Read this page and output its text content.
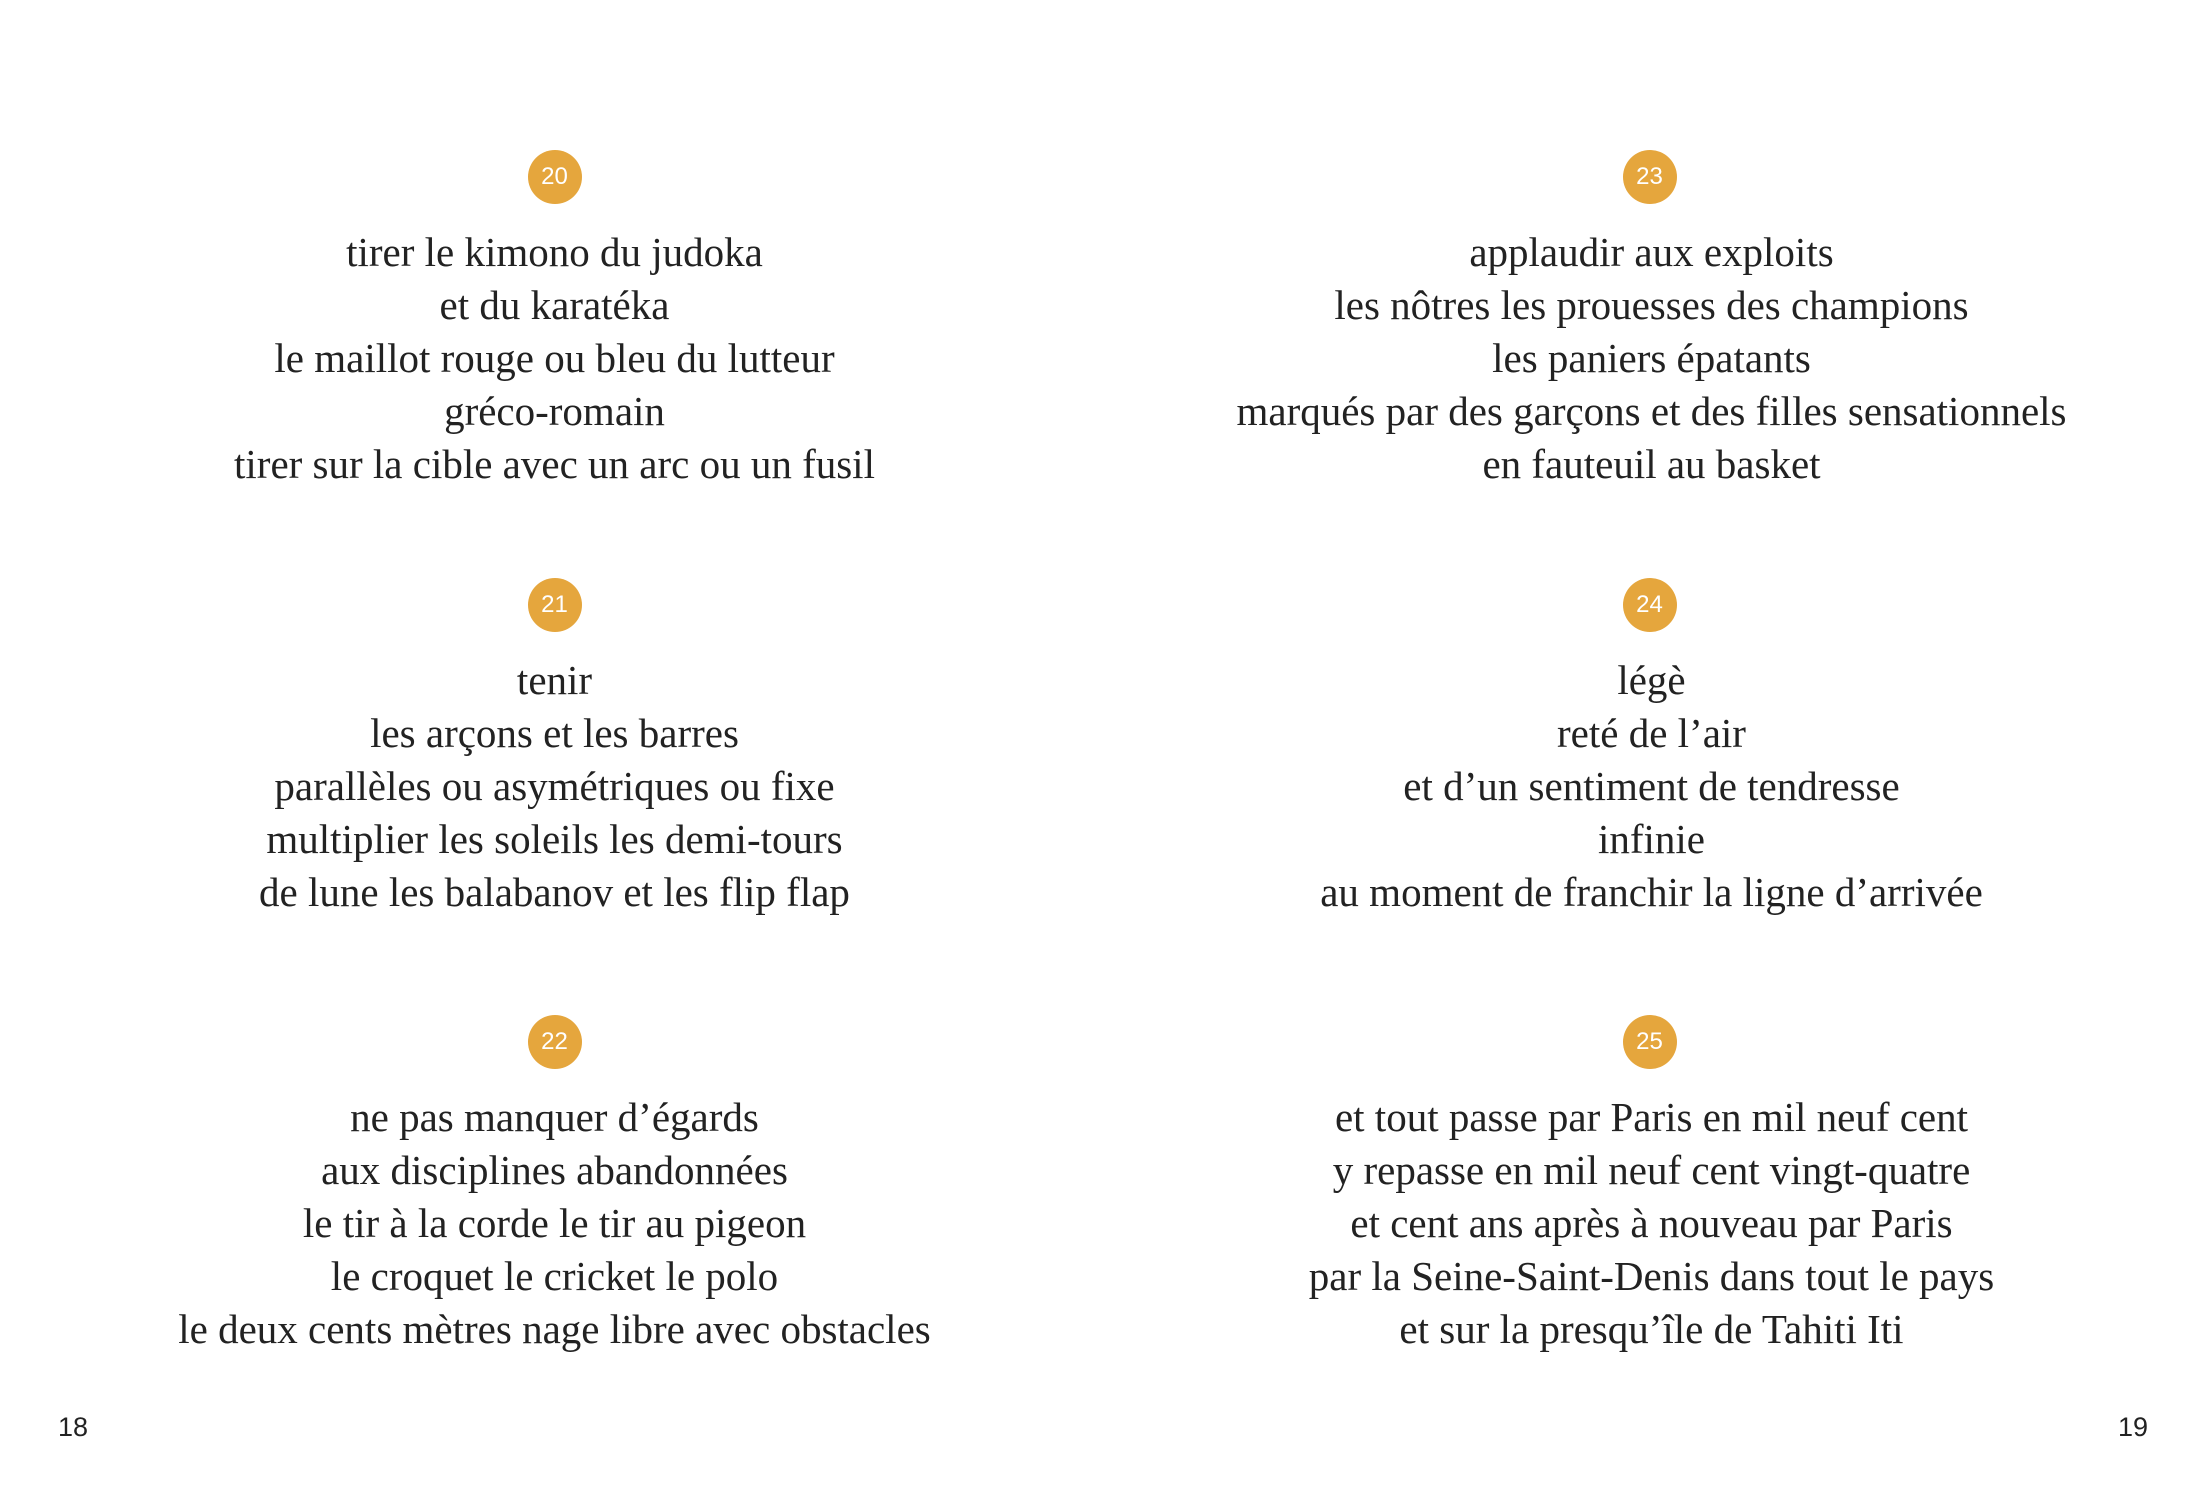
20
tirer le kimono du judoka
et du karatéka
le maillot rouge ou bleu du lutteur
gréco-romain
tirer sur la cible avec un arc ou un fusil
21
tenir
les arçons et les barres
parallèles ou asymétriques ou fixe
multiplier les soleils les demi-tours
de lune les balabanov et les flip flap
22
ne pas manquer d’égards
aux disciplines abandonnées
le tir à la corde le tir au pigeon
le croquet le cricket le polo
le deux cents mètres nage libre avec obstacles
23
applaudir aux exploits
les nôtres les prouesses des champions
les paniers épatants
marqués par des garçons et des filles sensationnels
en fauteuil au basket
24
légè
reté de l’air
et d’un sentiment de tendresse
infinie
au moment de franchir la ligne d’arrivée
25
et tout passe par Paris en mil neuf cent
y repasse en mil neuf cent vingt-quatre
et cent ans après à nouveau par Paris
par la Seine-Saint-Denis dans tout le pays
et sur la presqu’île de Tahiti Iti
18	19
